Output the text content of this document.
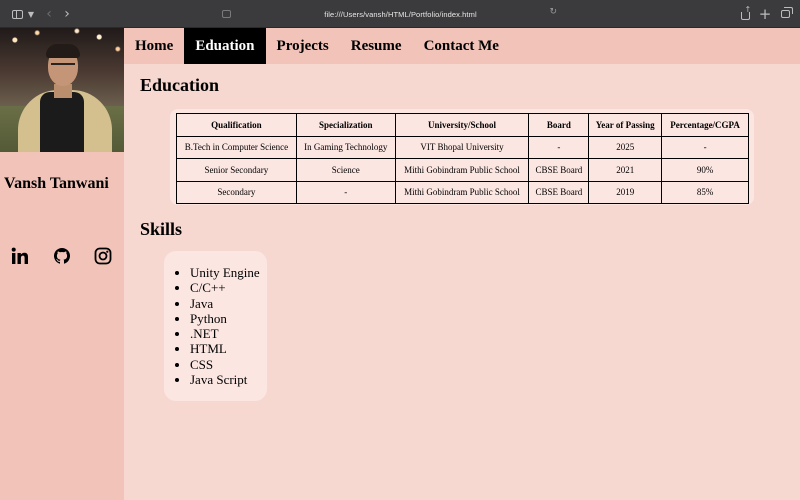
▼ ‹ ›	file:///Users/vansh/HTML/Portfolio/index.html	↻	↑ +
Vansh Tanwani
Home	Eduation	Projects	Resume	Contact Me
Education
Qualification	Specialization	University/School	Board	Year of Passing	Percentage/CGPA
B.Tech in Computer Science	In Gaming Technology	VIT Bhopal University	-	2025	-
Senior Secondary	Science	Mithi Gobindram Public School	CBSE Board	2021	90%
Secondary	-	Mithi Gobindram Public School	CBSE Board	2019	85%
Skills
• Unity Engine
• C/C++
• Java
• Python
• .NET
• HTML
• CSS
• Java Script
